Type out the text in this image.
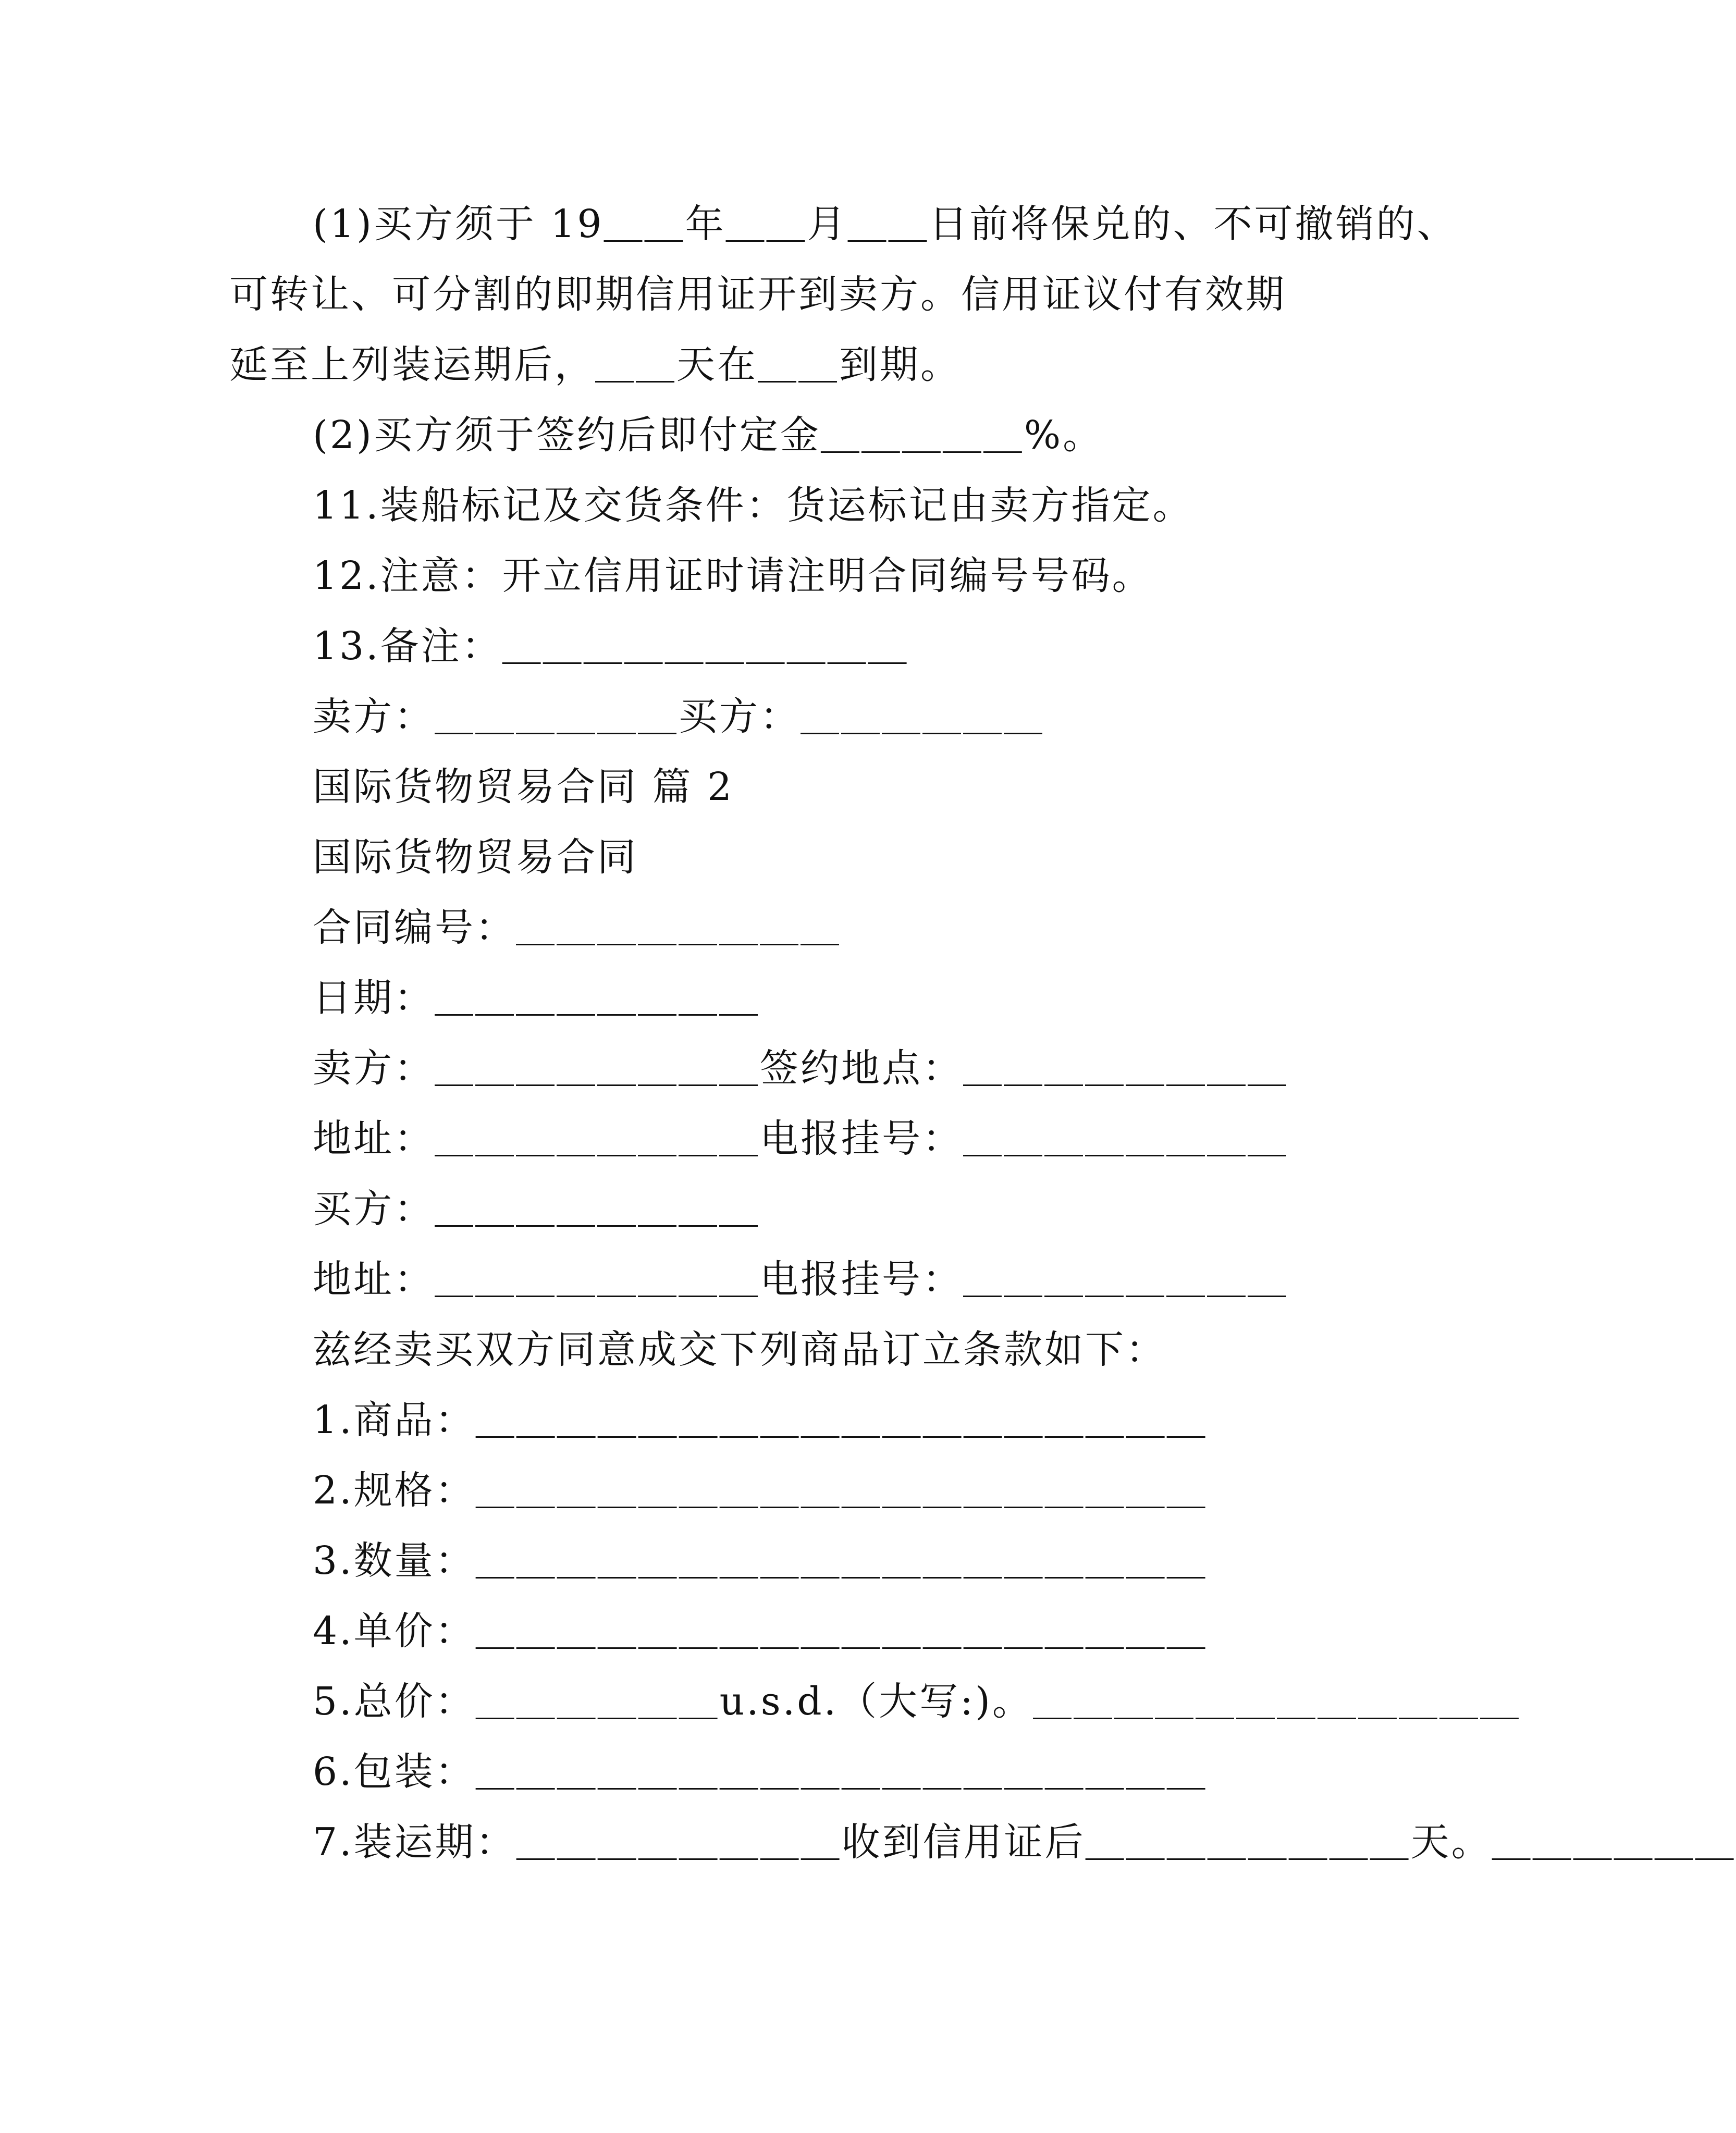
(1)买方须于 19＿＿年＿＿月＿＿日前将保兑的、不可撤销的、
可转让、可分割的即期信用证开到卖方。信用证议付有效期
延至上列装运期后，＿＿天在＿＿到期。
(2)买方须于签约后即付定金＿＿＿＿＿%。
11.装船标记及交货条件：货运标记由卖方指定。
12.注意：开立信用证时请注明合同编号号码。
13.备注：＿＿＿＿＿＿＿＿＿＿
卖方：＿＿＿＿＿＿买方：＿＿＿＿＿＿
国际货物贸易合同 篇 2
国际货物贸易合同
合同编号：＿＿＿＿＿＿＿＿
日期：＿＿＿＿＿＿＿＿
卖方：＿＿＿＿＿＿＿＿签约地点：＿＿＿＿＿＿＿＿
地址：＿＿＿＿＿＿＿＿电报挂号：＿＿＿＿＿＿＿＿
买方：＿＿＿＿＿＿＿＿
地址：＿＿＿＿＿＿＿＿电报挂号：＿＿＿＿＿＿＿＿
兹经卖买双方同意成交下列商品订立条款如下：
1.商品：＿＿＿＿＿＿＿＿＿＿＿＿＿＿＿＿＿＿
2.规格：＿＿＿＿＿＿＿＿＿＿＿＿＿＿＿＿＿＿
3.数量：＿＿＿＿＿＿＿＿＿＿＿＿＿＿＿＿＿＿
4.单价：＿＿＿＿＿＿＿＿＿＿＿＿＿＿＿＿＿＿
5.总价：＿＿＿＿＿＿u.s.d.（大写:)。＿＿＿＿＿＿＿＿＿＿＿＿
6.包装：＿＿＿＿＿＿＿＿＿＿＿＿＿＿＿＿＿＿
7.装运期：＿＿＿＿＿＿＿＿收到信用证后＿＿＿＿＿＿＿＿天。＿＿＿＿＿＿
